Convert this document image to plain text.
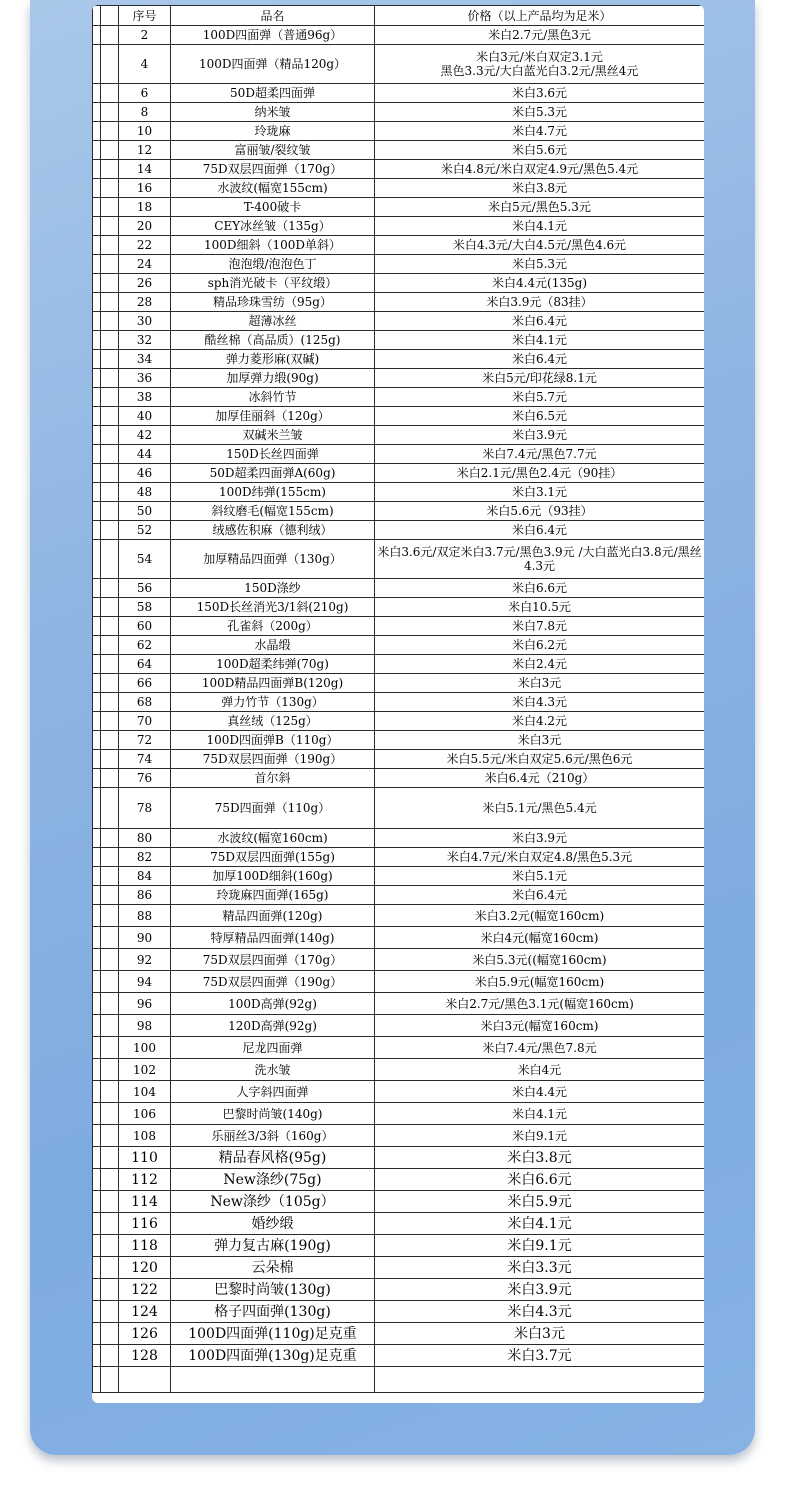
		序号	品名	价格（以上产品均为足米）
		2	100D四面弹（普通96g）	米白2.7元/黑色3元
		4	100D四面弹（精品120g）	米白3元/米白双定3.1元
黑色3.3元/大白蓝光白3.2元/黑丝4元
		6	50D超柔四面弹	米白3.6元
		8	纳米皱	米白5.3元
		10	玲珑麻	米白4.7元
		12	富丽皱/裂纹皱	米白5.6元
		14	75D双层四面弹（170g）	米白4.8元/米白双定4.9元/黑色5.4元
		16	水波纹(幅宽155cm)	米白3.8元
		18	T-400破卡	米白5元/黑色5.3元
		20	CEY冰丝皱（135g）	米白4.1元
		22	100D细斜（100D单斜）	米白4.3元/大白4.5元/黑色4.6元
		24	泡泡缎/泡泡色丁	米白5.3元
		26	sph消光破卡（平纹缎）	米白4.4元(135g)
		28	精品珍珠雪纺（95g）	米白3.9元（83挂）
		30	超薄冰丝	米白6.4元
		32	酷丝棉（高品质）(125g)	米白4.1元
		34	弹力菱形麻(双碱)	米白6.4元
		36	加厚弹力缎(90g)	米白5元/印花绿8.1元
		38	冰斜竹节	米白5.7元
		40	加厚佳丽斜（120g）	米白6.5元
		42	双碱米兰皱	米白3.9元
		44	150D长丝四面弹	米白7.4元/黑色7.7元
		46	50D超柔四面弹A(60g)	米白2.1元/黑色2.4元（90挂）
		48	100D纬弹(155cm)	米白3.1元
		50	斜纹磨毛(幅宽155cm)	米白5.6元（93挂）
		52	绒感佐积麻（德利绒）	米白6.4元
		54	加厚精品四面弹（130g）	米白3.6元/双定米白3.7元/黑色3.9元 /大白蓝光白3.8元/黑丝4.3元
		56	150D涤纱	米白6.6元
		58	150D长丝消光3/1斜(210g)	米白10.5元
		60	孔雀斜（200g）	米白7.8元
		62	水晶缎	米白6.2元
		64	100D超柔纬弹(70g)	米白2.4元
		66	100D精品四面弹B(120g)	米白3元
		68	弹力竹节（130g）	米白4.3元
		70	真丝绒（125g）	米白4.2元
		72	100D四面弹B（110g）	米白3元
		74	75D双层四面弹（190g）	米白5.5元/米白双定5.6元/黑色6元
		76	首尔斜	米白6.4元（210g）
		78	75D四面弹（110g）	米白5.1元/黑色5.4元
		80	水波纹(幅宽160cm)	米白3.9元
		82	75D双层四面弹(155g)	米白4.7元/米白双定4.8/黑色5.3元
		84	加厚100D细斜(160g)	米白5.1元
		86	玲珑麻四面弹(165g)	米白6.4元
		88	精品四面弹(120g)	米白3.2元(幅宽160cm)
		90	特厚精品四面弹(140g)	米白4元(幅宽160cm)
		92	75D双层四面弹（170g）	米白5.3元((幅宽160cm)
		94	75D双层四面弹（190g）	米白5.9元(幅宽160cm)
		96	100D高弹(92g)	米白2.7元/黑色3.1元(幅宽160cm)
		98	120D高弹(92g)	米白3元(幅宽160cm)
		100	尼龙四面弹	米白7.4元/黑色7.8元
		102	洗水皱	米白4元
		104	人字斜四面弹	米白4.4元
		106	巴黎时尚皱(140g)	米白4.1元
		108	乐丽丝3/3斜（160g）	米白9.1元
		110	精品春风格(95g)	米白3.8元
		112	New涤纱(75g)	米白6.6元
		114	New涤纱（105g）	米白5.9元
		116	婚纱缎	米白4.1元
		118	弹力复古麻(190g)	米白9.1元
		120	云朵棉	米白3.3元
		122	巴黎时尚皱(130g)	米白3.9元
		124	格子四面弹(130g)	米白4.3元
		126	100D四面弹(110g)足克重	米白3元
		128	100D四面弹(130g)足克重	米白3.7元
